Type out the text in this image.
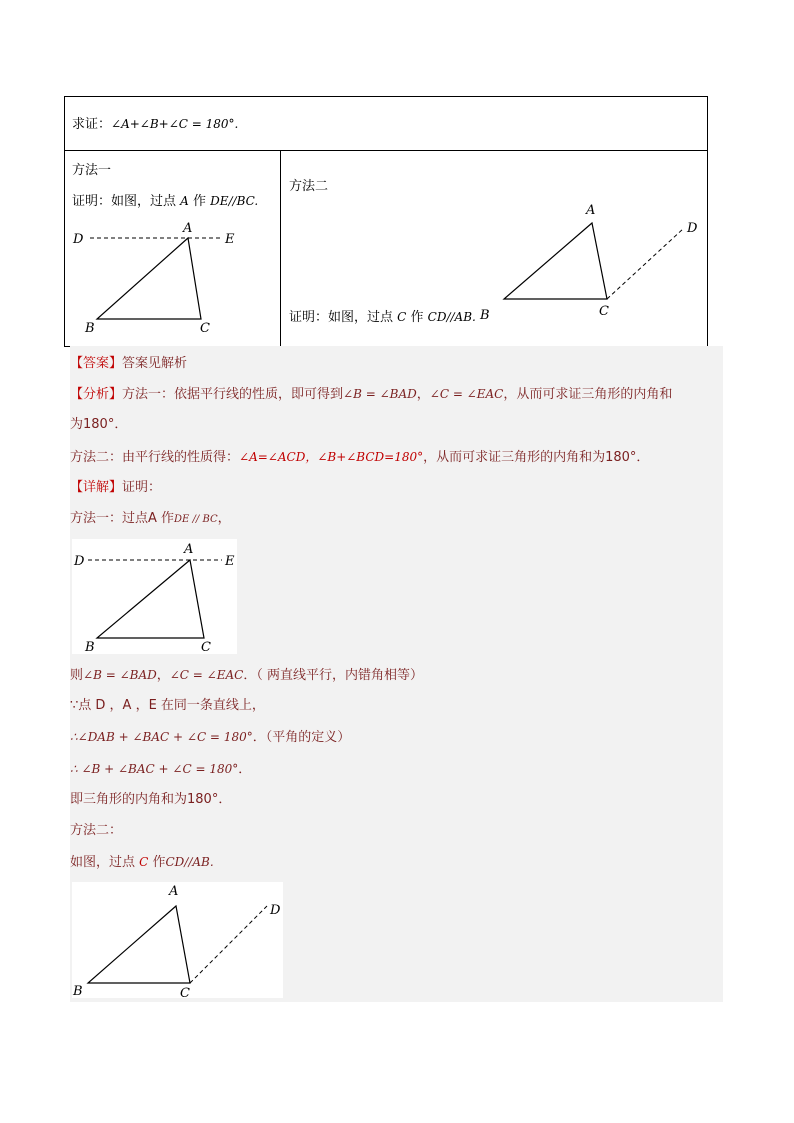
求证：∠A+∠B+∠C = 180°.
方法一
证明：如图，过点 A 作 DE∕∕BC.
D
A
E
B	C
方法二
A
D
C
证明：如图，过点 C 作 CD∕∕AB. B
【答案】答案见解析
【分析】方法一：依据平行线的性质，即可得到∠B = ∠BAD，∠C = ∠EAC，从而可求证三角形的内角和
为180°．
方法二：由平行线的性质得：∠A=∠ACD，∠B+∠BCD=180°，从而可求证三角形的内角和为180°．
【详解】证明：
方法一：过点A 作DE // BC，
D
A
E
B	C
则∠B = ∠BAD，∠C = ∠EAC．（ 两直线平行，内错角相等）
∵点 D ，A ，E 在同一条直线上，
∴∠DAB + ∠BAC + ∠C = 180°．（平角的定义）
∴ ∠B + ∠BAC + ∠C = 180°．
即三角形的内角和为180°．
方法二：
如图，过点 C 作CD∕∕AB.
A
D
B	C
